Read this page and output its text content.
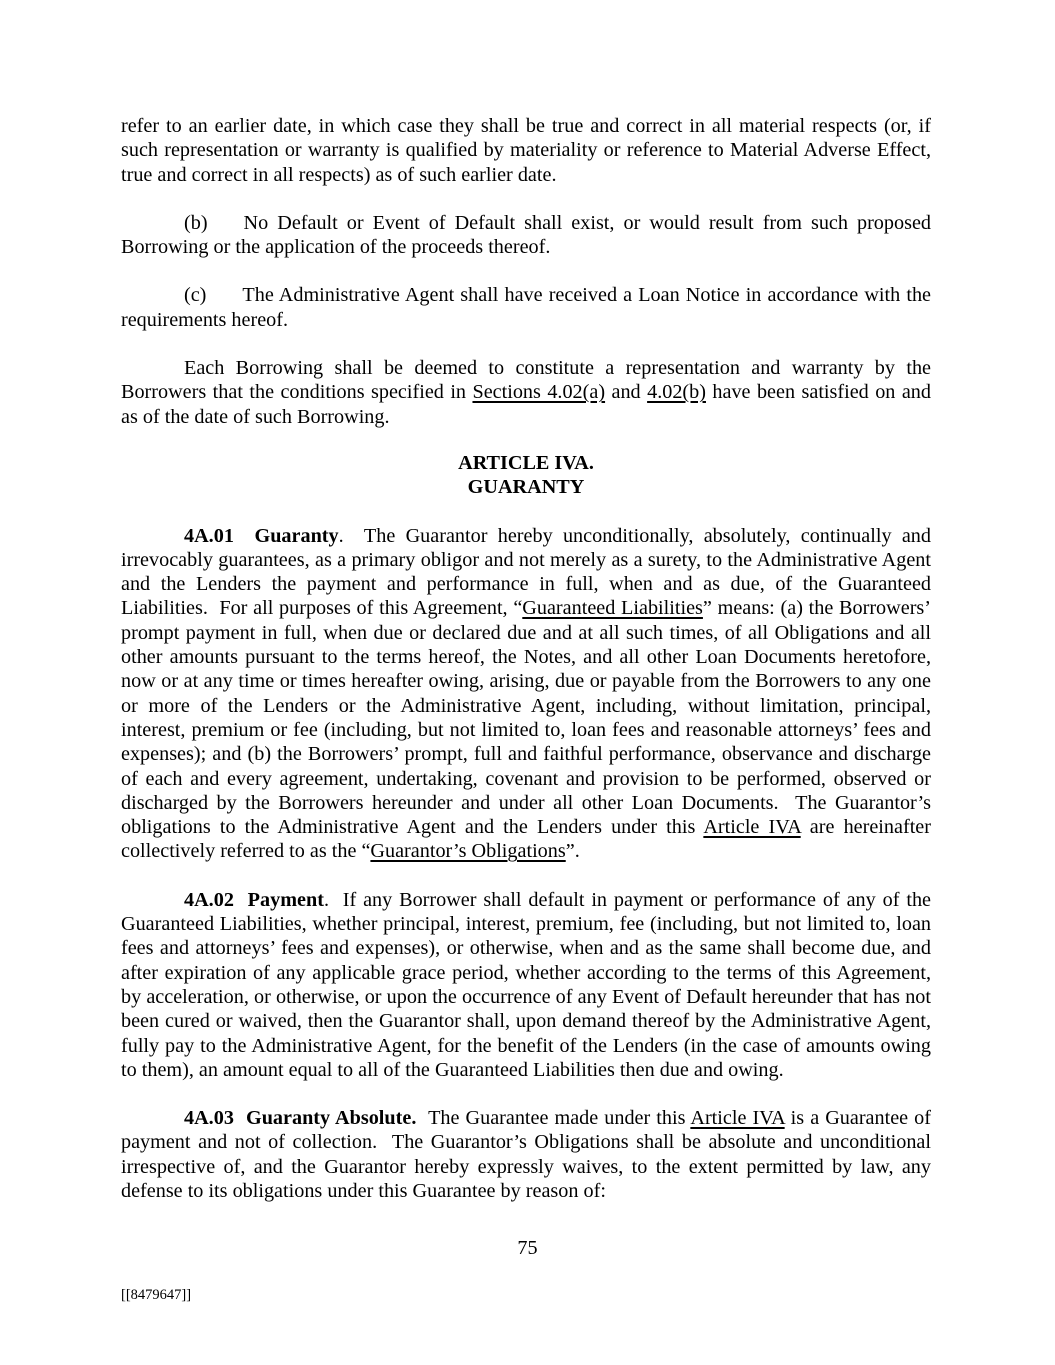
refer to an earlier date, in which case they shall be true and correct in all material respects (or, if such representation or warranty is qualified by materiality or reference to Material Adverse Effect, true and correct in all respects) as of such earlier date.

(b) No Default or Event of Default shall exist, or would result from such proposed Borrowing or the application of the proceeds thereof.

(c) The Administrative Agent shall have received a Loan Notice in accordance with the requirements hereof.

Each Borrowing shall be deemed to constitute a representation and warranty by the Borrowers that the conditions specified in Sections 4.02(a) and 4.02(b) have been satisfied on and as of the date of such Borrowing.

ARTICLE IVA.
GUARANTY

4A.01  Guaranty.  The Guarantor hereby unconditionally, absolutely, continually and irrevocably guarantees, as a primary obligor and not merely as a surety, to the Administrative Agent and the Lenders the payment and performance in full, when and as due, of the Guaranteed Liabilities.  For all purposes of this Agreement, “Guaranteed Liabilities” means: (a) the Borrowers’ prompt payment in full, when due or declared due and at all such times, of all Obligations and all other amounts pursuant to the terms hereof, the Notes, and all other Loan Documents heretofore, now or at any time or times hereafter owing, arising, due or payable from the Borrowers to any one or more of the Lenders or the Administrative Agent, including, without limitation, principal, interest, premium or fee (including, but not limited to, loan fees and reasonable attorneys’ fees and expenses); and (b) the Borrowers’ prompt, full and faithful performance, observance and discharge of each and every agreement, undertaking, covenant and provision to be performed, observed or discharged by the Borrowers hereunder and under all other Loan Documents.  The Guarantor’s obligations to the Administrative Agent and the Lenders under this Article IVA are hereinafter collectively referred to as the “Guarantor’s Obligations”.

4A.02  Payment.  If any Borrower shall default in payment or performance of any of the Guaranteed Liabilities, whether principal, interest, premium, fee (including, but not limited to, loan fees and attorneys’ fees and expenses), or otherwise, when and as the same shall become due, and after expiration of any applicable grace period, whether according to the terms of this Agreement, by acceleration, or otherwise, or upon the occurrence of any Event of Default hereunder that has not been cured or waived, then the Guarantor shall, upon demand thereof by the Administrative Agent, fully pay to the Administrative Agent, for the benefit of the Lenders (in the case of amounts owing to them), an amount equal to all of the Guaranteed Liabilities then due and owing.

4A.03  Guaranty Absolute.  The Guarantee made under this Article IVA is a Guarantee of payment and not of collection.  The Guarantor’s Obligations shall be absolute and unconditional irrespective of, and the Guarantor hereby expressly waives, to the extent permitted by law, any defense to its obligations under this Guarantee by reason of:

75
[[8479647]]
